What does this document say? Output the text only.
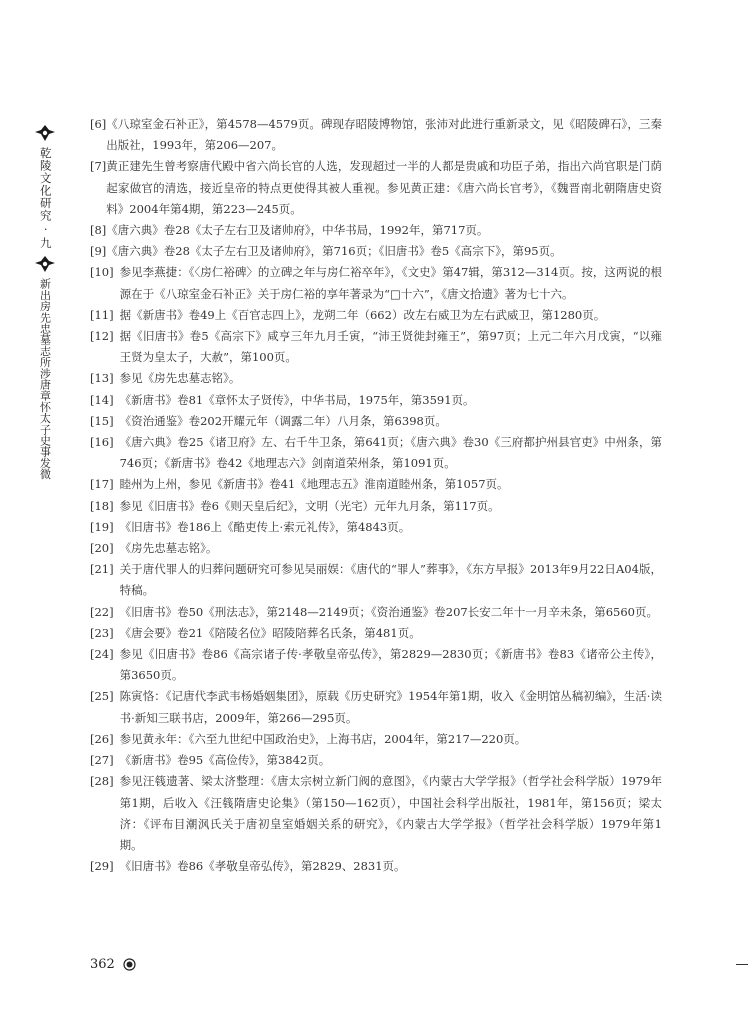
乾陵文化研究·九
新出房先忠墓志所涉唐章怀太子史事发微
[6] 《八琼室金石补正》，第4578—4579页。碑现存昭陵博物馆，张沛对此进行重新录文，见《昭陵碑石》，三秦出版社，1993年，第206—207。
[7] 黄正建先生曾考察唐代殿中省六尚长官的人选，发现超过一半的人都是贵戚和功臣子弟，指出六尚官职是门荫起家做官的清选，接近皇帝的特点更使得其被人重视。参见黄正建：《唐六尚长官考》，《魏晋南北朝隋唐史资料》2004年第4期，第223—245页。
[8] 《唐六典》卷28《太子左右卫及诸帅府》，中华书局，1992年，第717页。
[9] 《唐六典》卷28《太子左右卫及诸帅府》，第716页；《旧唐书》卷5《高宗下》，第95页。
[10] 参见李燕捷：《〈房仁裕碑〉的立碑之年与房仁裕卒年》，《文史》第47辑，第312—314页。按，这两说的根源在于《八琼室金石补正》关于房仁裕的享年著录为“□十六”，《唐文拾遗》著为七十六。
[11] 据《新唐书》卷49上《百官志四上》，龙朔二年（662）改左右威卫为左右武威卫，第1280页。
[12] 据《旧唐书》卷5《高宗下》咸亨三年九月壬寅，“沛王贤徙封雍王”，第97页；上元二年六月戊寅，“以雍王贤为皇太子，大赦”，第100页。
[13] 参见《房先忠墓志铭》。
[14] 《新唐书》卷81《章怀太子贤传》，中华书局，1975年，第3591页。
[15] 《资治通鉴》卷202开耀元年（调露二年）八月条，第6398页。
[16] 《唐六典》卷25《诸卫府》左、右千牛卫条，第641页；《唐六典》卷30《三府都护州县官吏》中州条，第746页；《新唐书》卷42《地理志六》剑南道荣州条，第1091页。
[17] 睦州为上州，参见《新唐书》卷41《地理志五》淮南道睦州条，第1057页。
[18] 参见《旧唐书》卷6《则天皇后纪》，文明（光宅）元年九月条，第117页。
[19] 《旧唐书》卷186上《酷吏传上·索元礼传》，第4843页。
[20] 《房先忠墓志铭》。
[21] 关于唐代罪人的归葬问题研究可参见吴丽娱：《唐代的“罪人”葬事》，《东方早报》2013年9月22日A04版，特稿。
[22] 《旧唐书》卷50《刑法志》，第2148—2149页；《资治通鉴》卷207长安二年十一月辛未条，第6560页。
[23] 《唐会要》卷21《陪陵名位》昭陵陪葬名氏条，第481页。
[24] 参见《旧唐书》卷86《高宗诸子传·孝敬皇帝弘传》，第2829—2830页；《新唐书》卷83《诸帝公主传》，第3650页。
[25] 陈寅恪：《记唐代李武韦杨婚姻集团》，原载《历史研究》1954年第1期，收入《金明馆丛稿初编》，生活·读书·新知三联书店，2009年，第266—295页。
[26] 参见黄永年：《六至九世纪中国政治史》，上海书店，2004年，第217—220页。
[27] 《新唐书》卷95《高俭传》，第3842页。
[28] 参见汪篯遗著、梁太济整理：《唐太宗树立新门阀的意图》，《内蒙古大学学报》（哲学社会科学版）1979年第1期，后收入《汪篯隋唐史论集》（第150—162页），中国社会科学出版社，1981年，第156页；梁太济：《评布目潮沨氏关于唐初皇室婚姻关系的研究》，《内蒙古大学学报》（哲学社会科学版）1979年第1期。
[29] 《旧唐书》卷86《孝敬皇帝弘传》，第2829、2831页。
362
